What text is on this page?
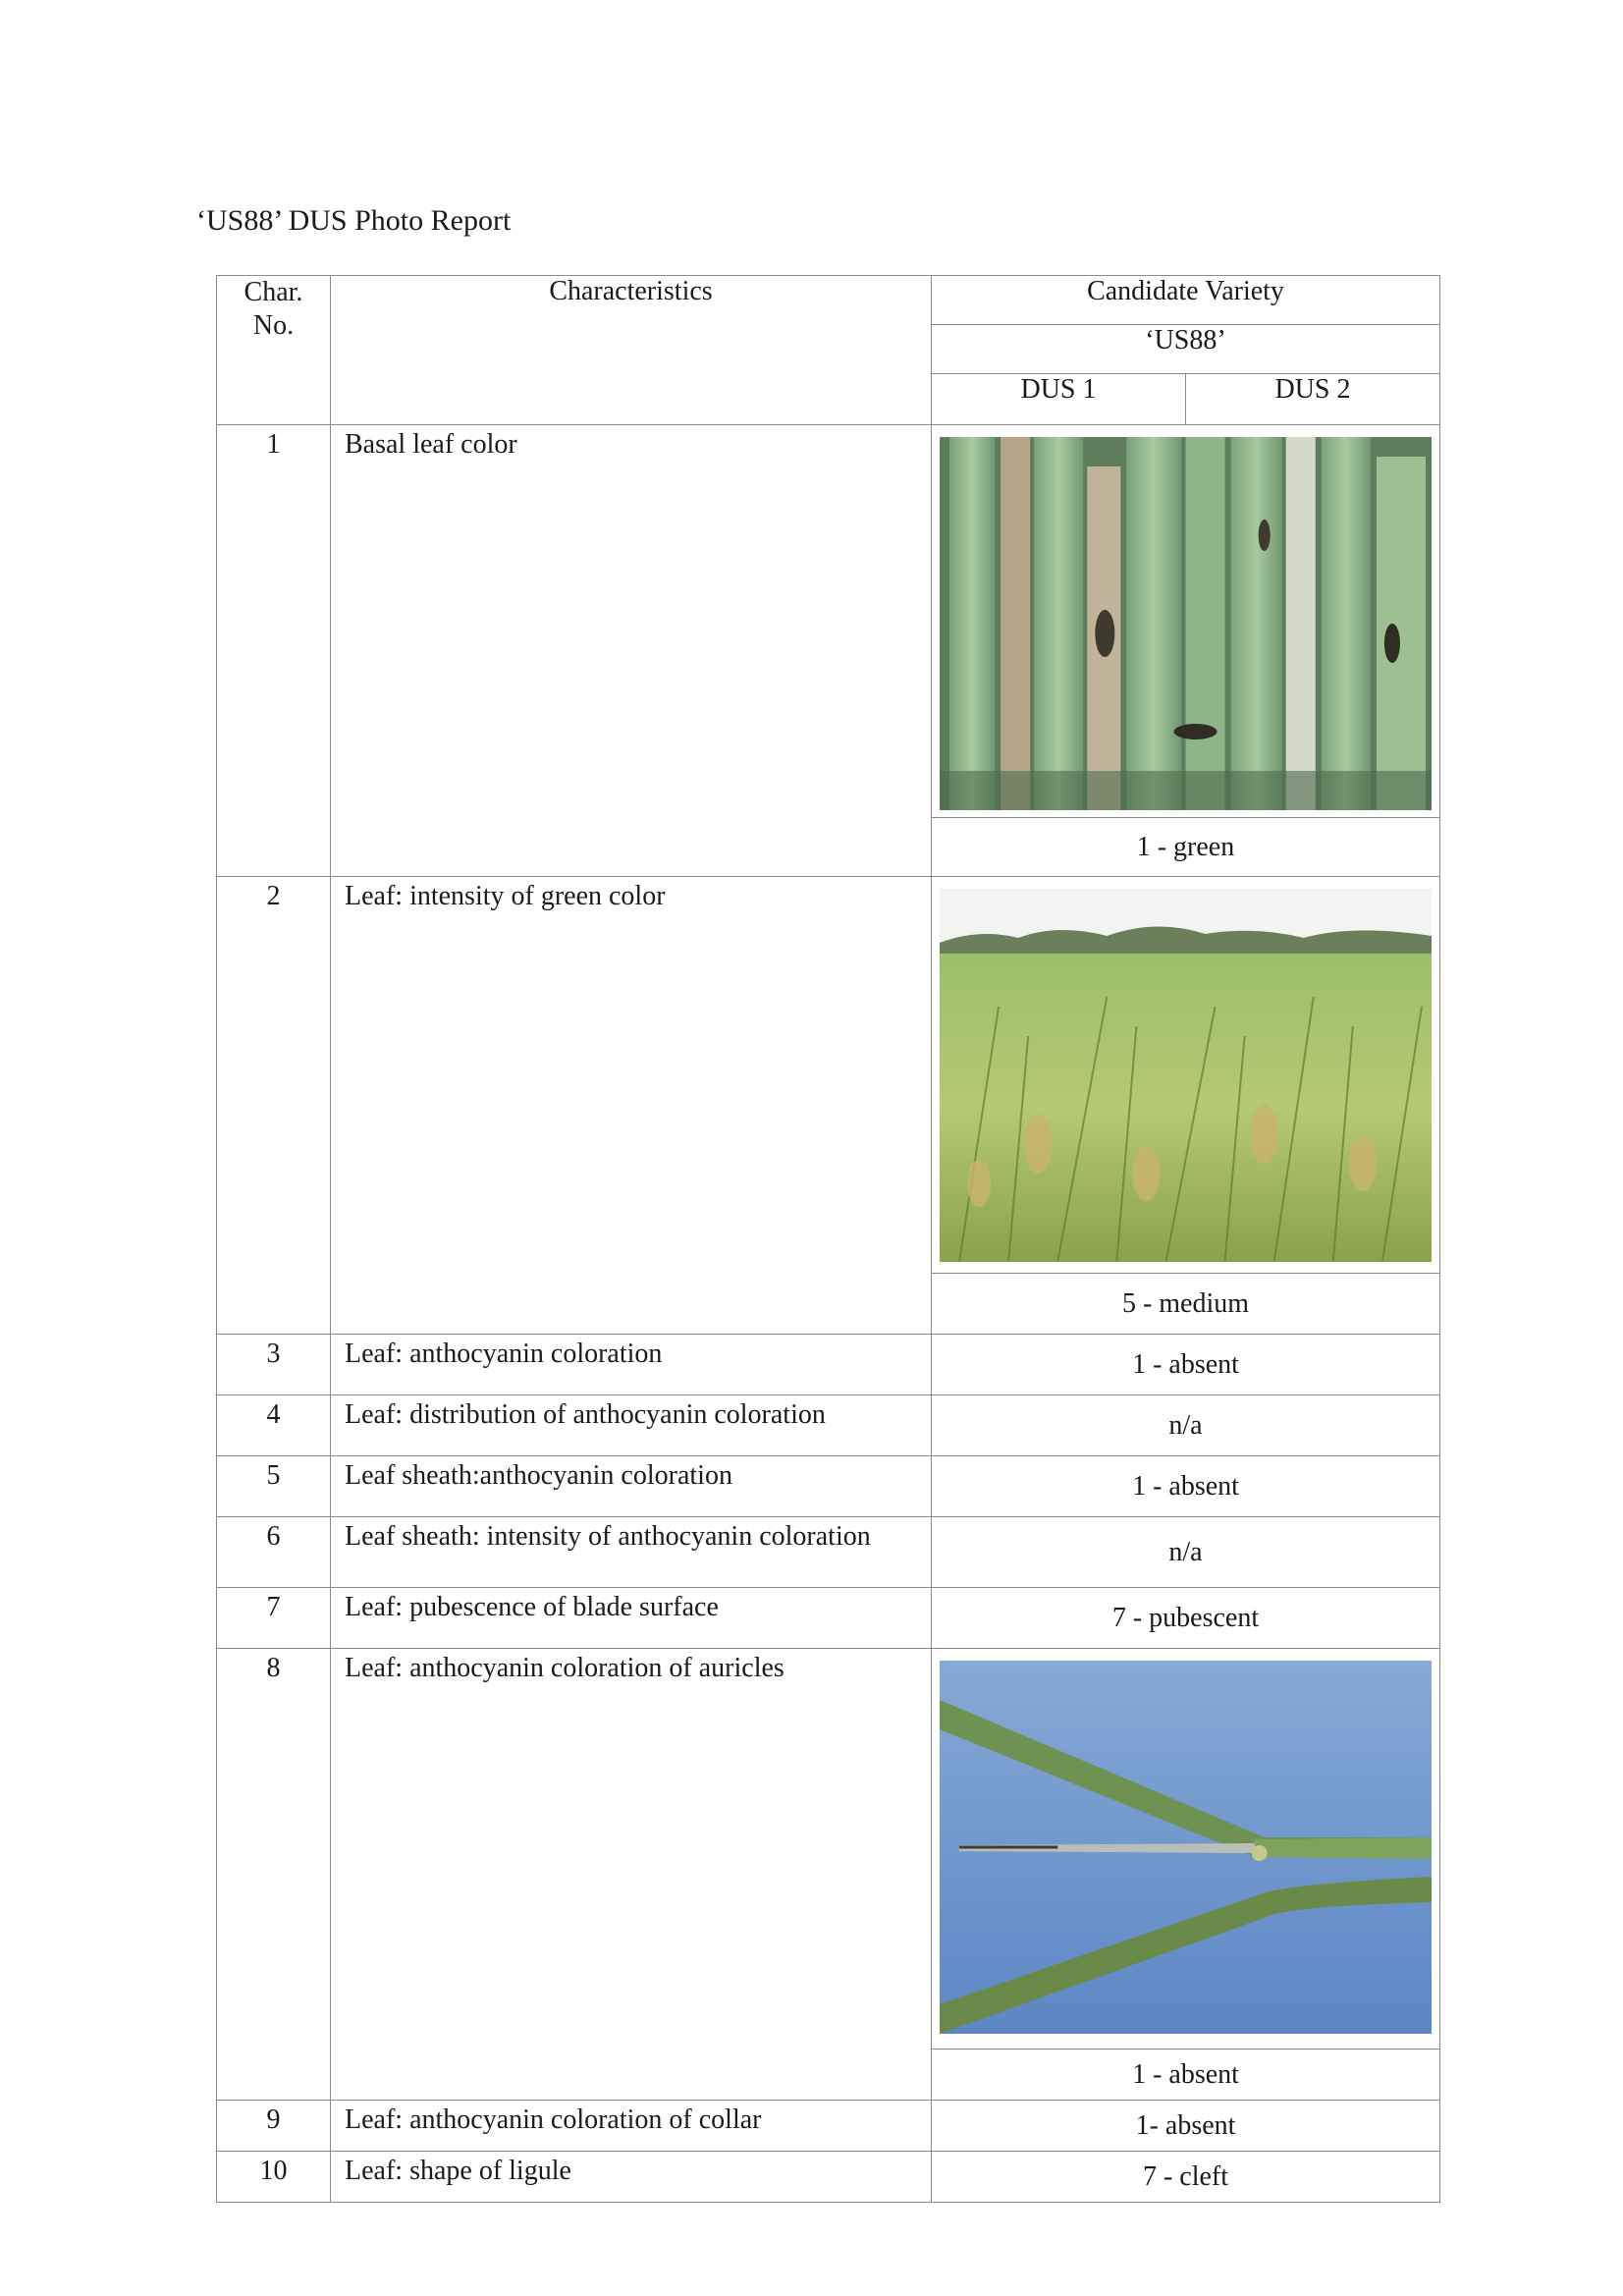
‘US88’ DUS Photo Report
Char. No.	Characteristics	Candidate Variety	
		‘US88’	
		DUS 1	DUS 2
1	Basal leaf color	

		1 - green	
2	Leaf: intensity of green color	

		5 - medium	
3	Leaf: anthocyanin coloration	1 - absent	
4	Leaf: distribution of anthocyanin coloration	n/a	
5	Leaf sheath:anthocyanin coloration	1 - absent	
6	Leaf sheath: intensity of anthocyanin coloration	n/a	
7	Leaf: pubescence of blade surface	7 - pubescent	
8	Leaf: anthocyanin coloration of auricles	

		1 - absent	
9	Leaf: anthocyanin coloration of collar	1- absent	
10	Leaf: shape of ligule	7 - cleft	
